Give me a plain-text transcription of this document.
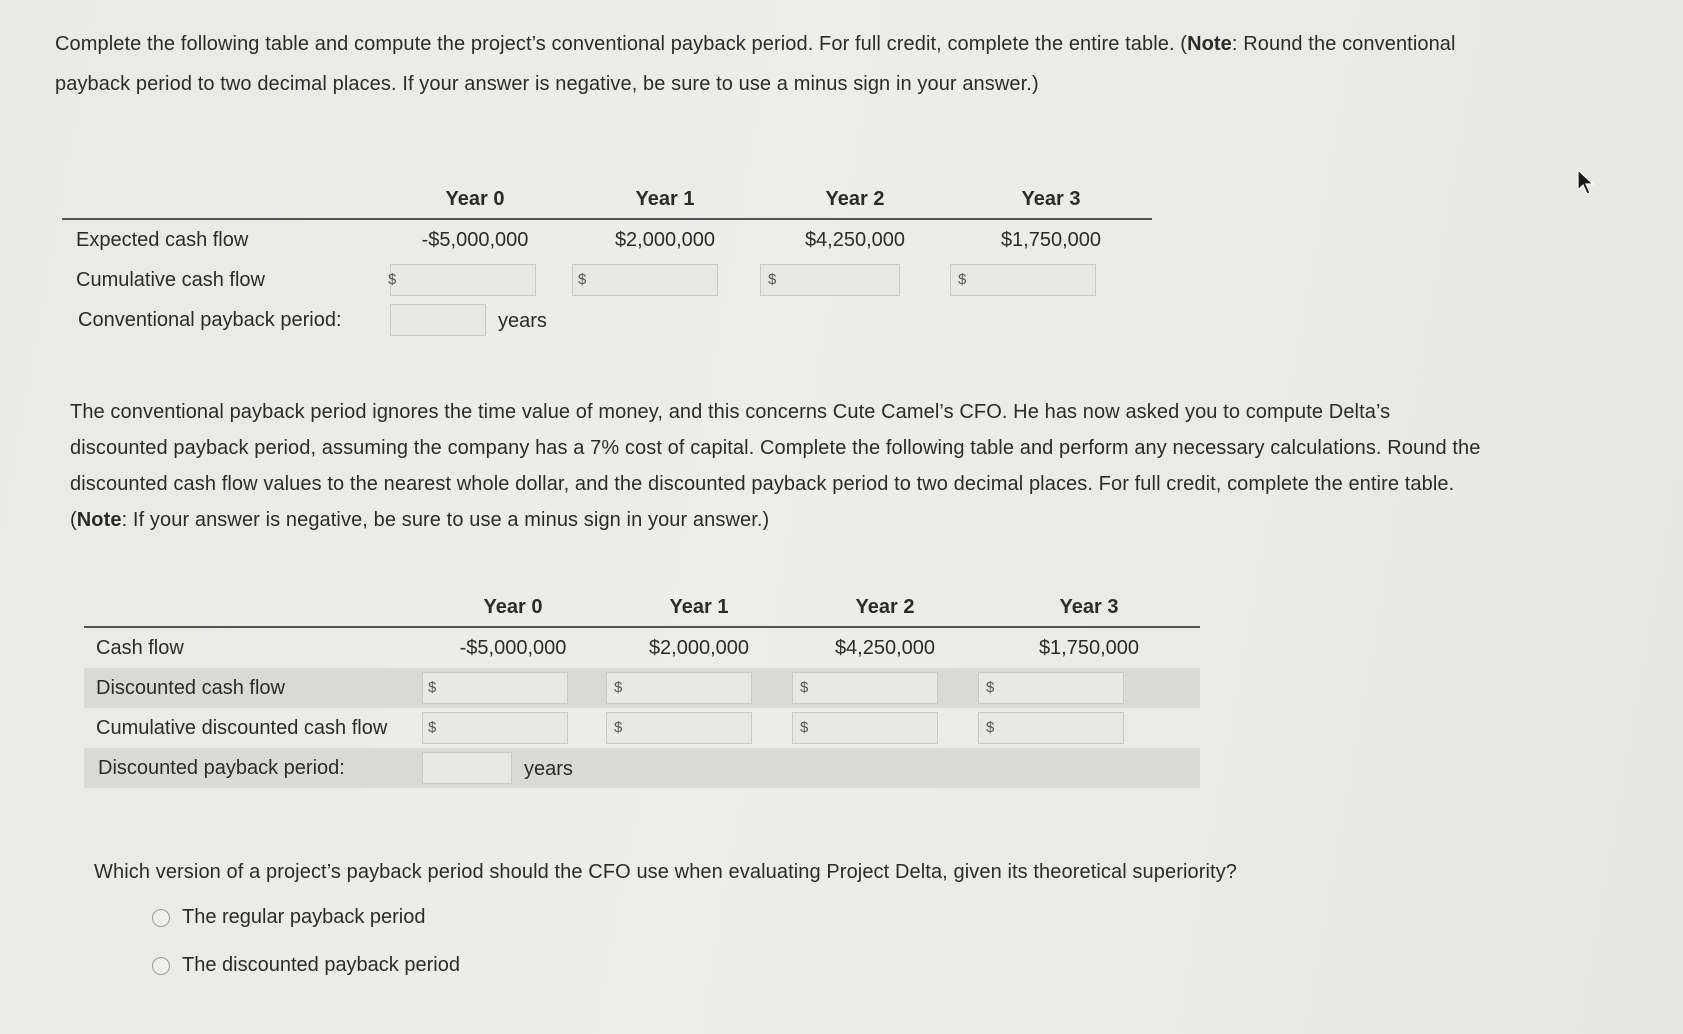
Complete the following table and compute the project’s conventional payback period. For full credit, complete the entire table. (Note: Round the conventional payback period to two decimal places. If your answer is negative, be sure to use a minus sign in your answer.)
	Year 0	Year 1	Year 2	Year 3
Expected cash flow	-$5,000,000	$2,000,000	$4,250,000	$1,750,000
Cumulative cash flow	$	$	$	$

Conventional payback period:	years			

The conventional payback period ignores the time value of money, and this concerns Cute Camel’s CFO. He has now asked you to compute Delta’s discounted payback period, assuming the company has a 7% cost of capital. Complete the following table and perform any necessary calculations. Round the discounted cash flow values to the nearest whole dollar, and the discounted payback period to two decimal places. For full credit, complete the entire table. (Note: If your answer is negative, be sure to use a minus sign in your answer.)
	Year 0	Year 1	Year 2	Year 3
Cash flow	-$5,000,000	$2,000,000	$4,250,000	$1,750,000
Discounted cash flow	$	$	$	$

Cumulative discounted cash flow	$	$	$	$

Discounted payback period:	years			

Which version of a project’s payback period should the CFO use when evaluating Project Delta, given its theoretical superiority?
The regular payback period
The discounted payback period
